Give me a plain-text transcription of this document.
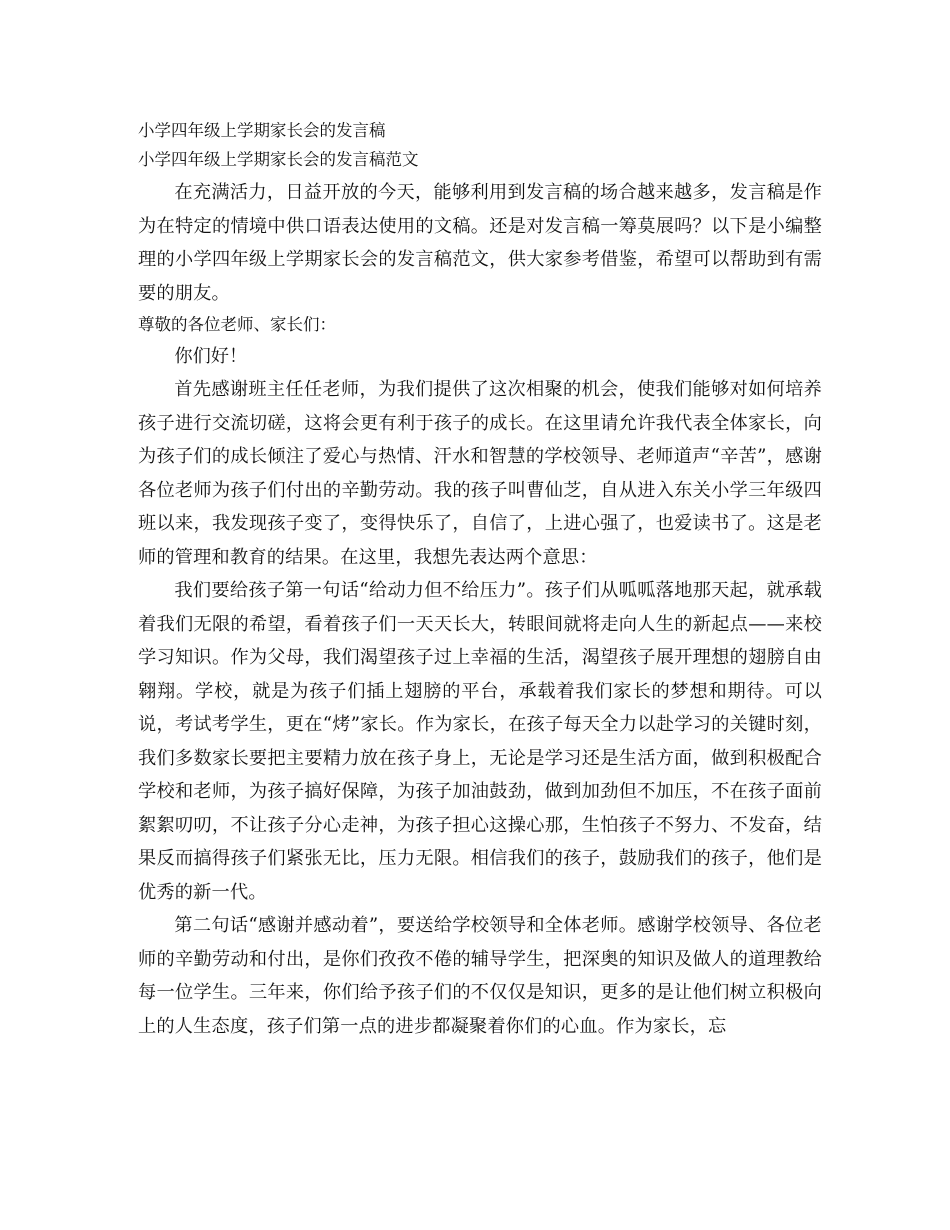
小学四年级上学期家长会的发言稿

小学四年级上学期家长会的发言稿范文

在充满活力，日益开放的今天，能够利用到发言稿的场合越来越多，发言稿是作为在特定的情境中供口语表达使用的文稿。还是对发言稿一筹莫展吗？以下是小编整理的小学四年级上学期家长会的发言稿范文，供大家参考借鉴，希望可以帮助到有需要的朋友。

尊敬的各位老师、家长们：

你们好！

首先感谢班主任任老师，为我们提供了这次相聚的机会，使我们能够对如何培养孩子进行交流切磋，这将会更有利于孩子的成长。在这里请允许我代表全体家长，向为孩子们的成长倾注了爱心与热情、汗水和智慧的学校领导、老师道声“辛苦”，感谢各位老师为孩子们付出的辛勤劳动。我的孩子叫曹仙芝，自从进入东关小学三年级四班以来，我发现孩子变了，变得快乐了，自信了，上进心强了，也爱读书了。这是老师的管理和教育的结果。在这里，我想先表达两个意思：

我们要给孩子第一句话“给动力但不给压力”。孩子们从呱呱落地那天起，就承载着我们无限的希望，看着孩子们一天天长大，转眼间就将走向人生的新起点——来校学习知识。作为父母，我们渴望孩子过上幸福的生活，渴望孩子展开理想的翅膀自由翱翔。学校，就是为孩子们插上翅膀的平台，承载着我们家长的梦想和期待。可以说，考试考学生，更在“烤”家长。作为家长，在孩子每天全力以赴学习的关键时刻，我们多数家长要把主要精力放在孩子身上，无论是学习还是生活方面，做到积极配合学校和老师，为孩子搞好保障，为孩子加油鼓劲，做到加劲但不加压，不在孩子面前絮絮叨叨，不让孩子分心走神，为孩子担心这操心那，生怕孩子不努力、不发奋，结果反而搞得孩子们紧张无比，压力无限。相信我们的孩子，鼓励我们的孩子，他们是优秀的新一代。

第二句话“感谢并感动着”，要送给学校领导和全体老师。感谢学校领导、各位老师的辛勤劳动和付出，是你们孜孜不倦的辅导学生，把深奥的知识及做人的道理教给每一位学生。三年来，你们给予孩子们的不仅仅是知识，更多的是让他们树立积极向上的人生态度，孩子们第一点的进步都凝聚着你们的心血。作为家长，忘
